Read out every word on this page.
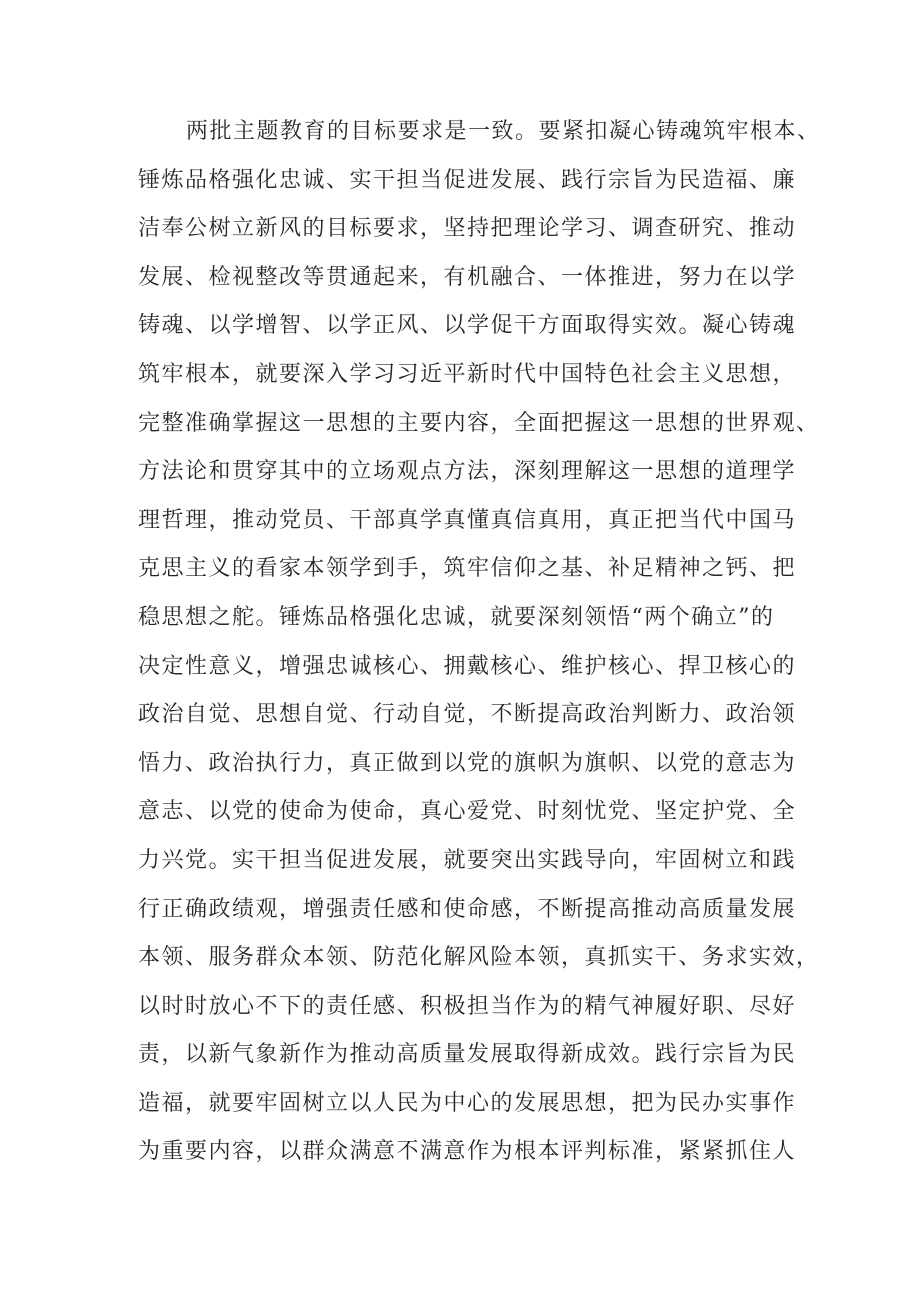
两批主题教育的目标要求是一致。要紧扣凝心铸魂筑牢根本、
锤炼品格强化忠诚、实干担当促进发展、践行宗旨为民造福、廉
洁奉公树立新风的目标要求，坚持把理论学习、调查研究、推动
发展、检视整改等贯通起来，有机融合、一体推进，努力在以学
铸魂、以学增智、以学正风、以学促干方面取得实效。凝心铸魂
筑牢根本，就要深入学习习近平新时代中国特色社会主义思想，
完整准确掌握这一思想的主要内容，全面把握这一思想的世界观、
方法论和贯穿其中的立场观点方法，深刻理解这一思想的道理学
理哲理，推动党员、干部真学真懂真信真用，真正把当代中国马
克思主义的看家本领学到手，筑牢信仰之基、补足精神之钙、把
稳思想之舵。锤炼品格强化忠诚，就要深刻领悟“两个确立”的
决定性意义，增强忠诚核心、拥戴核心、维护核心、捍卫核心的
政治自觉、思想自觉、行动自觉，不断提高政治判断力、政治领
悟力、政治执行力，真正做到以党的旗帜为旗帜、以党的意志为
意志、以党的使命为使命，真心爱党、时刻忧党、坚定护党、全
力兴党。实干担当促进发展，就要突出实践导向，牢固树立和践
行正确政绩观，增强责任感和使命感，不断提高推动高质量发展
本领、服务群众本领、防范化解风险本领，真抓实干、务求实效，
以时时放心不下的责任感、积极担当作为的精气神履好职、尽好
责，以新气象新作为推动高质量发展取得新成效。践行宗旨为民
造福，就要牢固树立以人民为中心的发展思想，把为民办实事作
为重要内容，以群众满意不满意作为根本评判标准，紧紧抓住人
